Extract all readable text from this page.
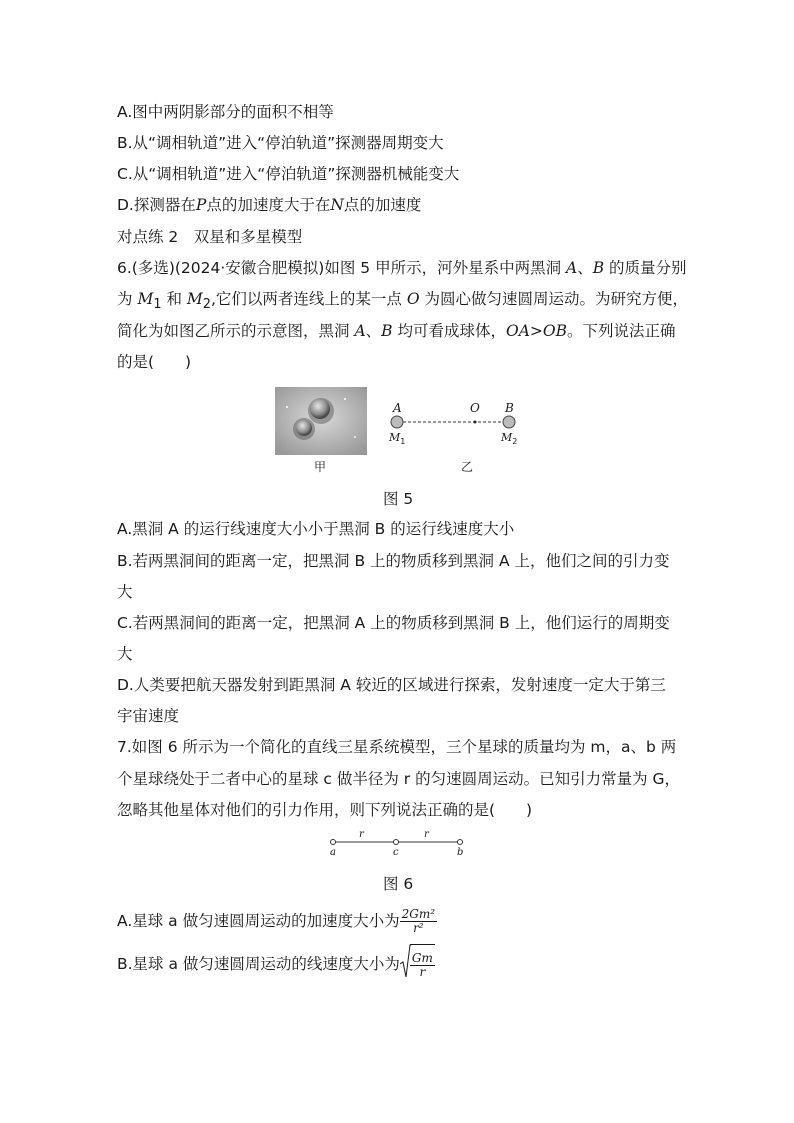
A.图中两阴影部分的面积不相等
B.从“调相轨道”进入“停泊轨道”探测器周期变大
C.从“调相轨道”进入“停泊轨道”探测器机械能变大
D.探测器在P点的加速度大于在N点的加速度
对点练 2　双星和多星模型
6.(多选)(2024·安徽合肥模拟)如图 5 甲所示，河外星系中两黑洞 A、B 的质量分别
为 $M_1$ 和 $M_2$,它们以两者连线上的某一点 O 为圆心做匀速圆周运动。为研究方便，
简化为如图乙所示的示意图，黑洞 A、B 均可看成球体，OA>OB。下列说法正确
的是(　　)
甲
A	O B
$M_1$	$M_2$
乙
图 5
A.黑洞 A 的运行线速度大小小于黑洞 B 的运行线速度大小
B.若两黑洞间的距离一定，把黑洞 B 上的物质移到黑洞 A 上，他们之间的引力变
大
C.若两黑洞间的距离一定，把黑洞 A 上的物质移到黑洞 B 上，他们运行的周期变
大
D.人类要把航天器发射到距黑洞 A 较近的区域进行探索，发射速度一定大于第三
宇宙速度
7.如图 6 所示为一个简化的直线三星系统模型，三个星球的质量均为 m，a、b 两
个星球绕处于二者中心的星球 c 做半径为 r 的匀速圆周运动。已知引力常量为 G，
忽略其他星体对他们的引力作用，则下列说法正确的是(　　)
r	r
a	c	b
图 6
A.星球 a 做匀速圆周运动的加速度大小为 $\frac{\text{2Gm²}}{\text{r²}}$
B.星球 a 做匀速圆周运动的线速度大小为 $\frac{Gm}{r}$
